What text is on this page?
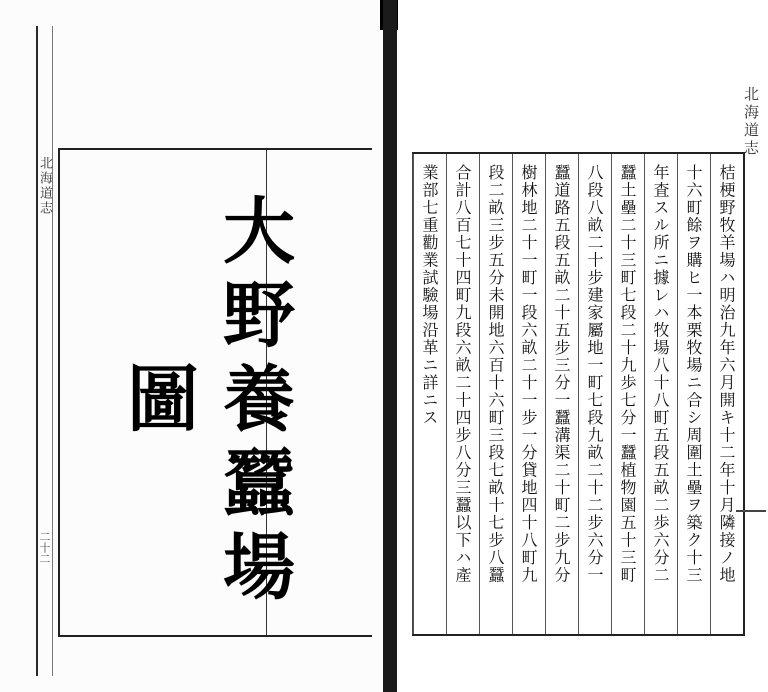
北海道志
二十二 大野養蠶場圖
北海道志
桔梗野牧羊場ハ明治九年六月開キ十二年十月隣接ノ地
十六町餘ヲ購ヒ一本栗牧場ニ合シ周圍土壘ヲ築ク十三
年査スル所ニ據レハ牧場八十八町五段五畝二歩六分二
蠶土壘二十三町七段二十九歩七分一蠶植物園五十三町
八段八畝二十步建家屬地一町七段九畝二十二步六分一
蠶道路五段五畝二十五步三分一蠶溝渠二十町二步九分
樹林地二十一町一段六畝二十一步一分貸地四十八町九
段二畝三步五分未開地六百十六町三段七畝十七步八蠶
合計八百七十四町九段六畝二十四步八分三蠶以下ハ產
業部七重勸業試驗場沿革ニ詳ニス
